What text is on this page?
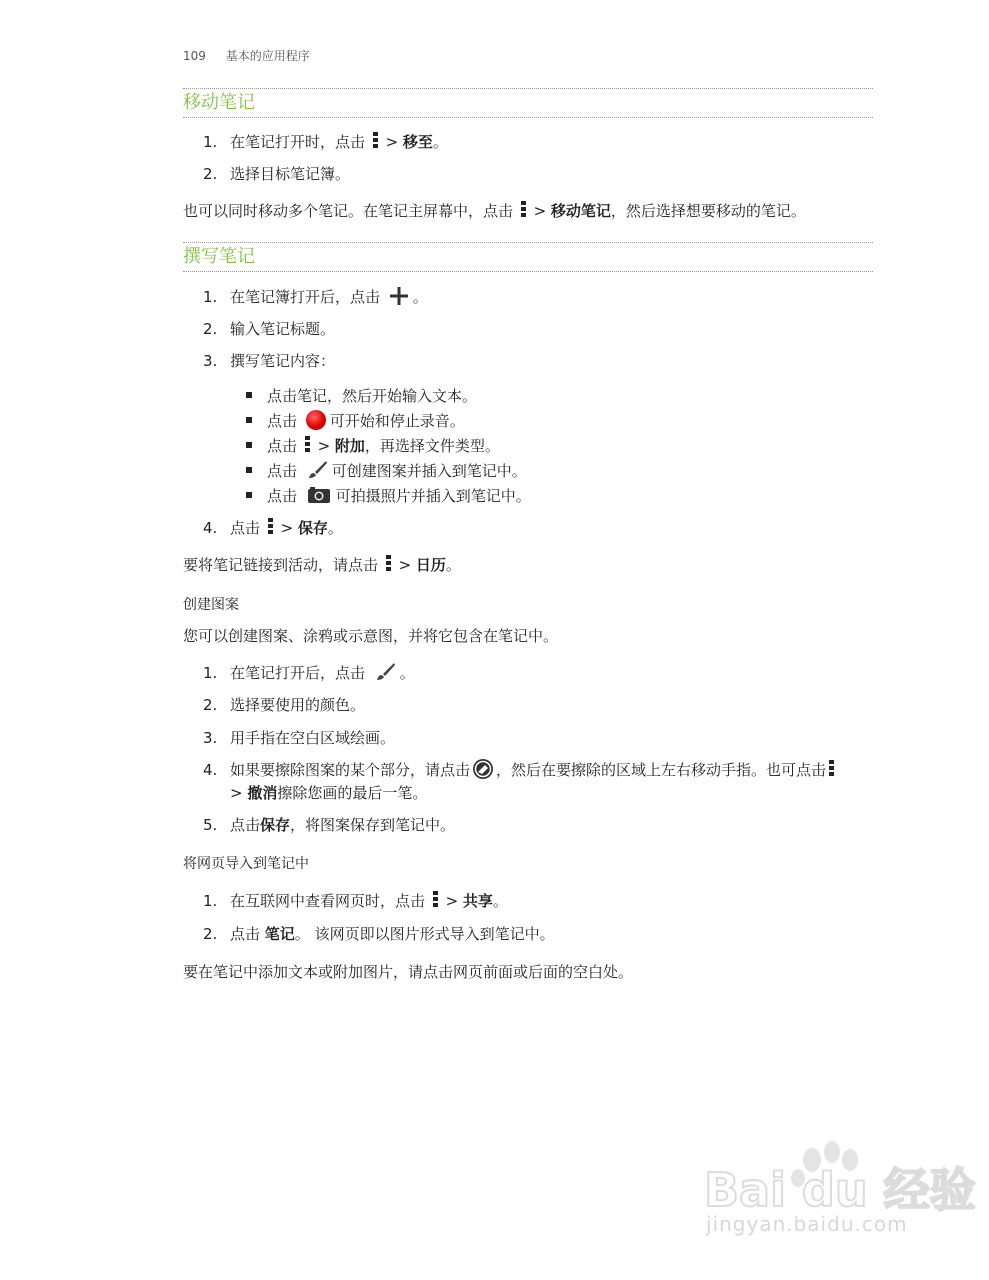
109 基本的应用程序
移动笔记
1. 在笔记打开时，点击
> 移至。
2. 选择目标笔记簿。
也可以同时移动多个笔记。在笔记主屏幕中，点击
> 移动笔记，然后选择想要移动的笔记。
撰写笔记
1. 在笔记簿打开后，点击 。
2. 输入笔记标题。
3. 撰写笔记内容：
点击笔记，然后开始输入文本。
点击 可开始和停止录音。
点击
> 附加，再选择文件类型。
点击 可创建图案并插入到笔记中。
点击	可拍摄照片并插入到笔记中。
4. 点击
> 保存。
要将笔记链接到活动，请点击
> 日历。
创建图案
您可以创建图案、涂鸦或示意图，并将它包含在笔记中。
1. 在笔记打开后，点击 。
2. 选择要使用的颜色。
3. 用手指在空白区域绘画。
4. 如果要擦除图案的某个部分，请点击 ，然后在要擦除的区域上左右移动手指。也可点击

> 撤消擦除您画的最后一笔。
5. 点击保存，将图案保存到笔记中。
将网页导入到笔记中
1. 在互联网中查看网页时，点击
> 共享。
2. 点击 笔记。 该网页即以图片形式导入到笔记中。
要在笔记中添加文本或附加图片，请点击网页前面或后面的空白处。
Bai du 经验
jingyan.baidu.com
